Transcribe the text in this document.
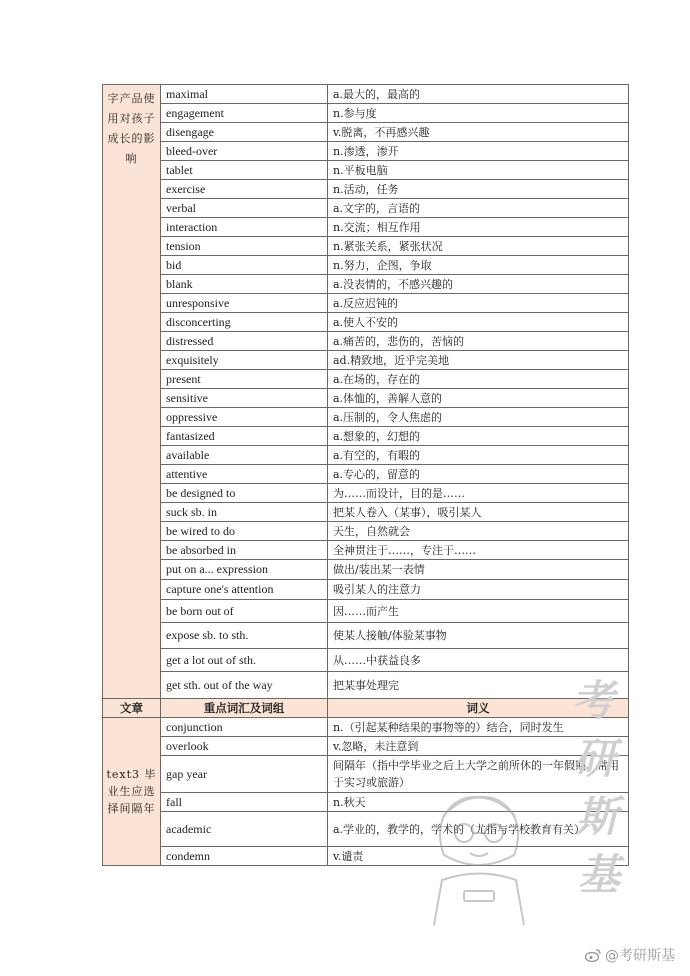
字产品使用对孩子成长的影响	maximal	a.最大的，最高的
	engagement	n.参与度
	disengage	v.脱离，不再感兴趣
	bleed-over	n.渗透，渗开
	tablet	n.平板电脑
	exercise	n.活动，任务
	verbal	a.文字的，言语的
	interaction	n.交流；相互作用
	tension	n.紧张关系，紧张状况
	bid	n.努力，企图，争取
	blank	a.没表情的，不感兴趣的
	unresponsive	a.反应迟钝的
	disconcerting	a.使人不安的
	distressed	a.痛苦的，悲伤的，苦恼的
	exquisitely	ad.精致地，近乎完美地
	present	a.在场的，存在的
	sensitive	a.体恤的，善解人意的
	oppressive	a.压制的，令人焦虑的
	fantasized	a.想象的，幻想的
	available	a.有空的，有暇的
	attentive	a.专心的，留意的
	be designed to	为……而设计，目的是……
	suck sb. in	把某人卷入（某事），吸引某人
	be wired to do	天生，自然就会
	be absorbed in	全神贯注于……，专注于……
	put on a... expression	做出/装出某一表情
	capture one's attention	吸引某人的注意力
	be born out of	因……而产生
	expose sb. to sth.	使某人接触/体验某事物
	get a lot out of sth.	从……中获益良多
	get sth. out of the way	把某事处理完
文章	重点词汇及词组	词义
text3 毕业生应选择间隔年	conjunction	n.（引起某种结果的事物等的）结合，同时发生
	overlook	v.忽略，未注意到
	gap year	间隔年（指中学毕业之后上大学之前所休的一年假期，常用于实习或旅游）
	fall	n.秋天
	academic	a.学业的，教学的，学术的（尤指与学校教育有关）
	condemn	v.谴责
考
研
斯
基
@考研斯基
